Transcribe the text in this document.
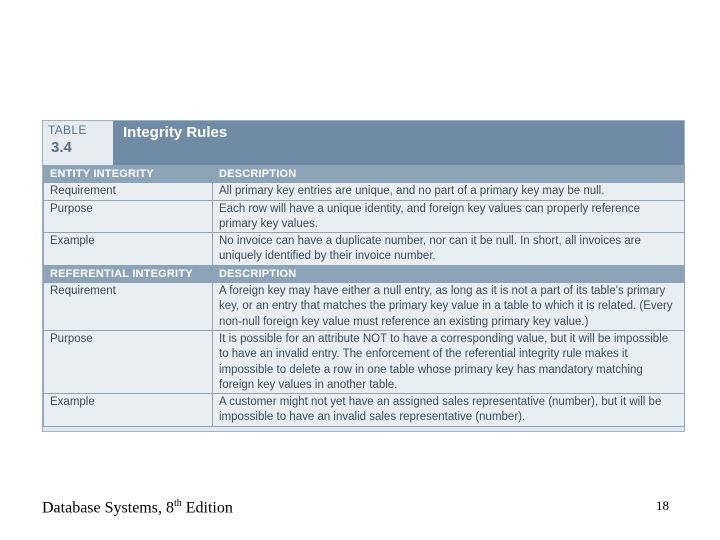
TABLE
3.4
Integrity Rules
ENTITY INTEGRITY	DESCRIPTION
Requirement	All primary key entries are unique, and no part of a primary key may be null.
Purpose	Each row will have a unique identity, and foreign key values can properly reference primary key values.
Example	No invoice can have a duplicate number, nor can it be null. In short, all invoices are uniquely identified by their invoice number.
REFERENTIAL INTEGRITY	DESCRIPTION
Requirement	A foreign key may have either a null entry, as long as it is not a part of its table's primary key, or an entry that matches the primary key value in a table to which it is related. (Every non-null foreign key value must reference an existing primary key value.)
Purpose	It is possible for an attribute NOT to have a corresponding value, but it will be impossible to have an invalid entry. The enforcement of the referential integrity rule makes it impossible to delete a row in one table whose primary key has mandatory matching foreign key values in another table.
Example	A customer might not yet have an assigned sales representative (number), but it will be impossible to have an invalid sales representative (number).
Database Systems, 8th Edition	18
